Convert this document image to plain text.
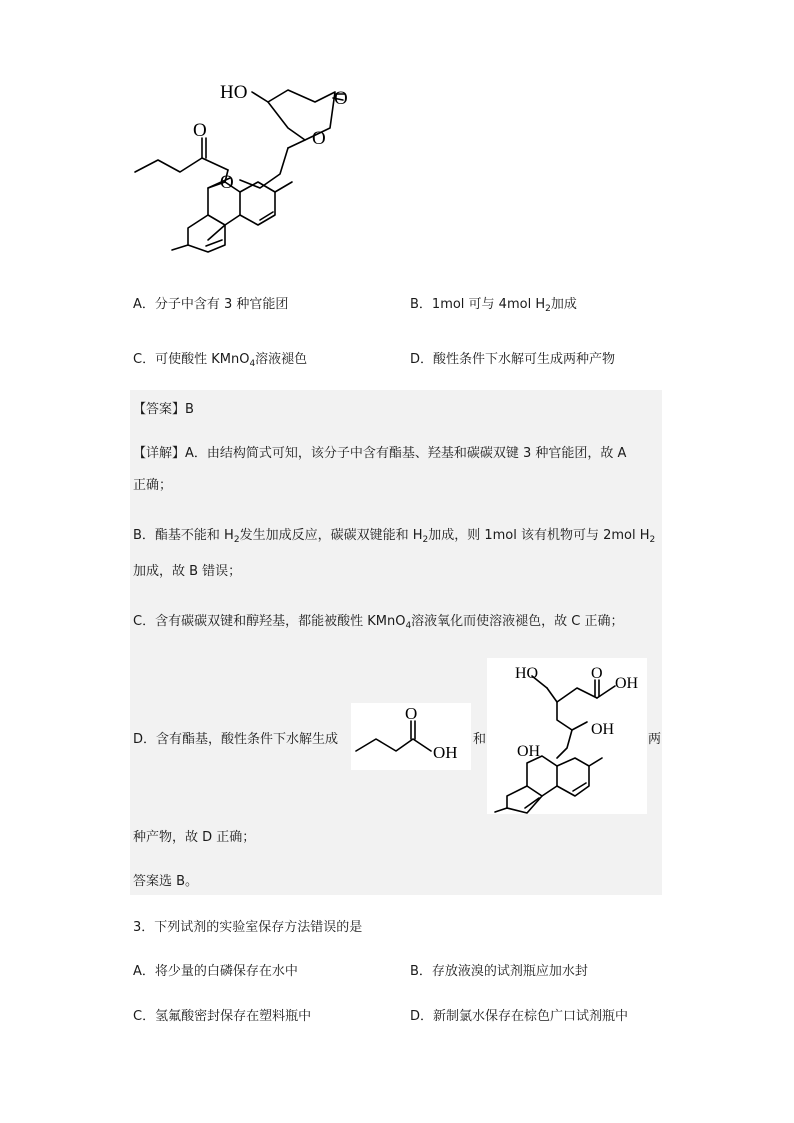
HO	O
O
O
O
A．分子中含有 3 种官能团	B．1mol 可与 4mol $H_2$加成
C．可使酸性 KMnO$_4$溶液褪色	D．酸性条件下水解可生成两种产物
【答案】B
【详解】A．由结构简式可知，该分子中含有酯基、羟基和碳碳双键 3 种官能团，故 A
正确；
B．酯基不能和 $H_2$发生加成反应，碳碳双键能和 $H_2$加成，则 1mol 该有机物可与 2mol $H_2$
加成，故 B 错误；
C．含有碳碳双键和醇羟基，都能被酸性 KMnO$_4$溶液氧化而使溶液褪色，故 C 正确；
D．含有酯基，酸性条件下水解生成
O
OH
和
HO	O
OH
OH
OH
两
种产物，故 D 正确；
答案选 B。
3．下列试剂的实验室保存方法错误的是
A．将少量的白磷保存在水中	B．存放液溴的试剂瓶应加水封
C．氢氟酸密封保存在塑料瓶中	D．新制氯水保存在棕色广口试剂瓶中
